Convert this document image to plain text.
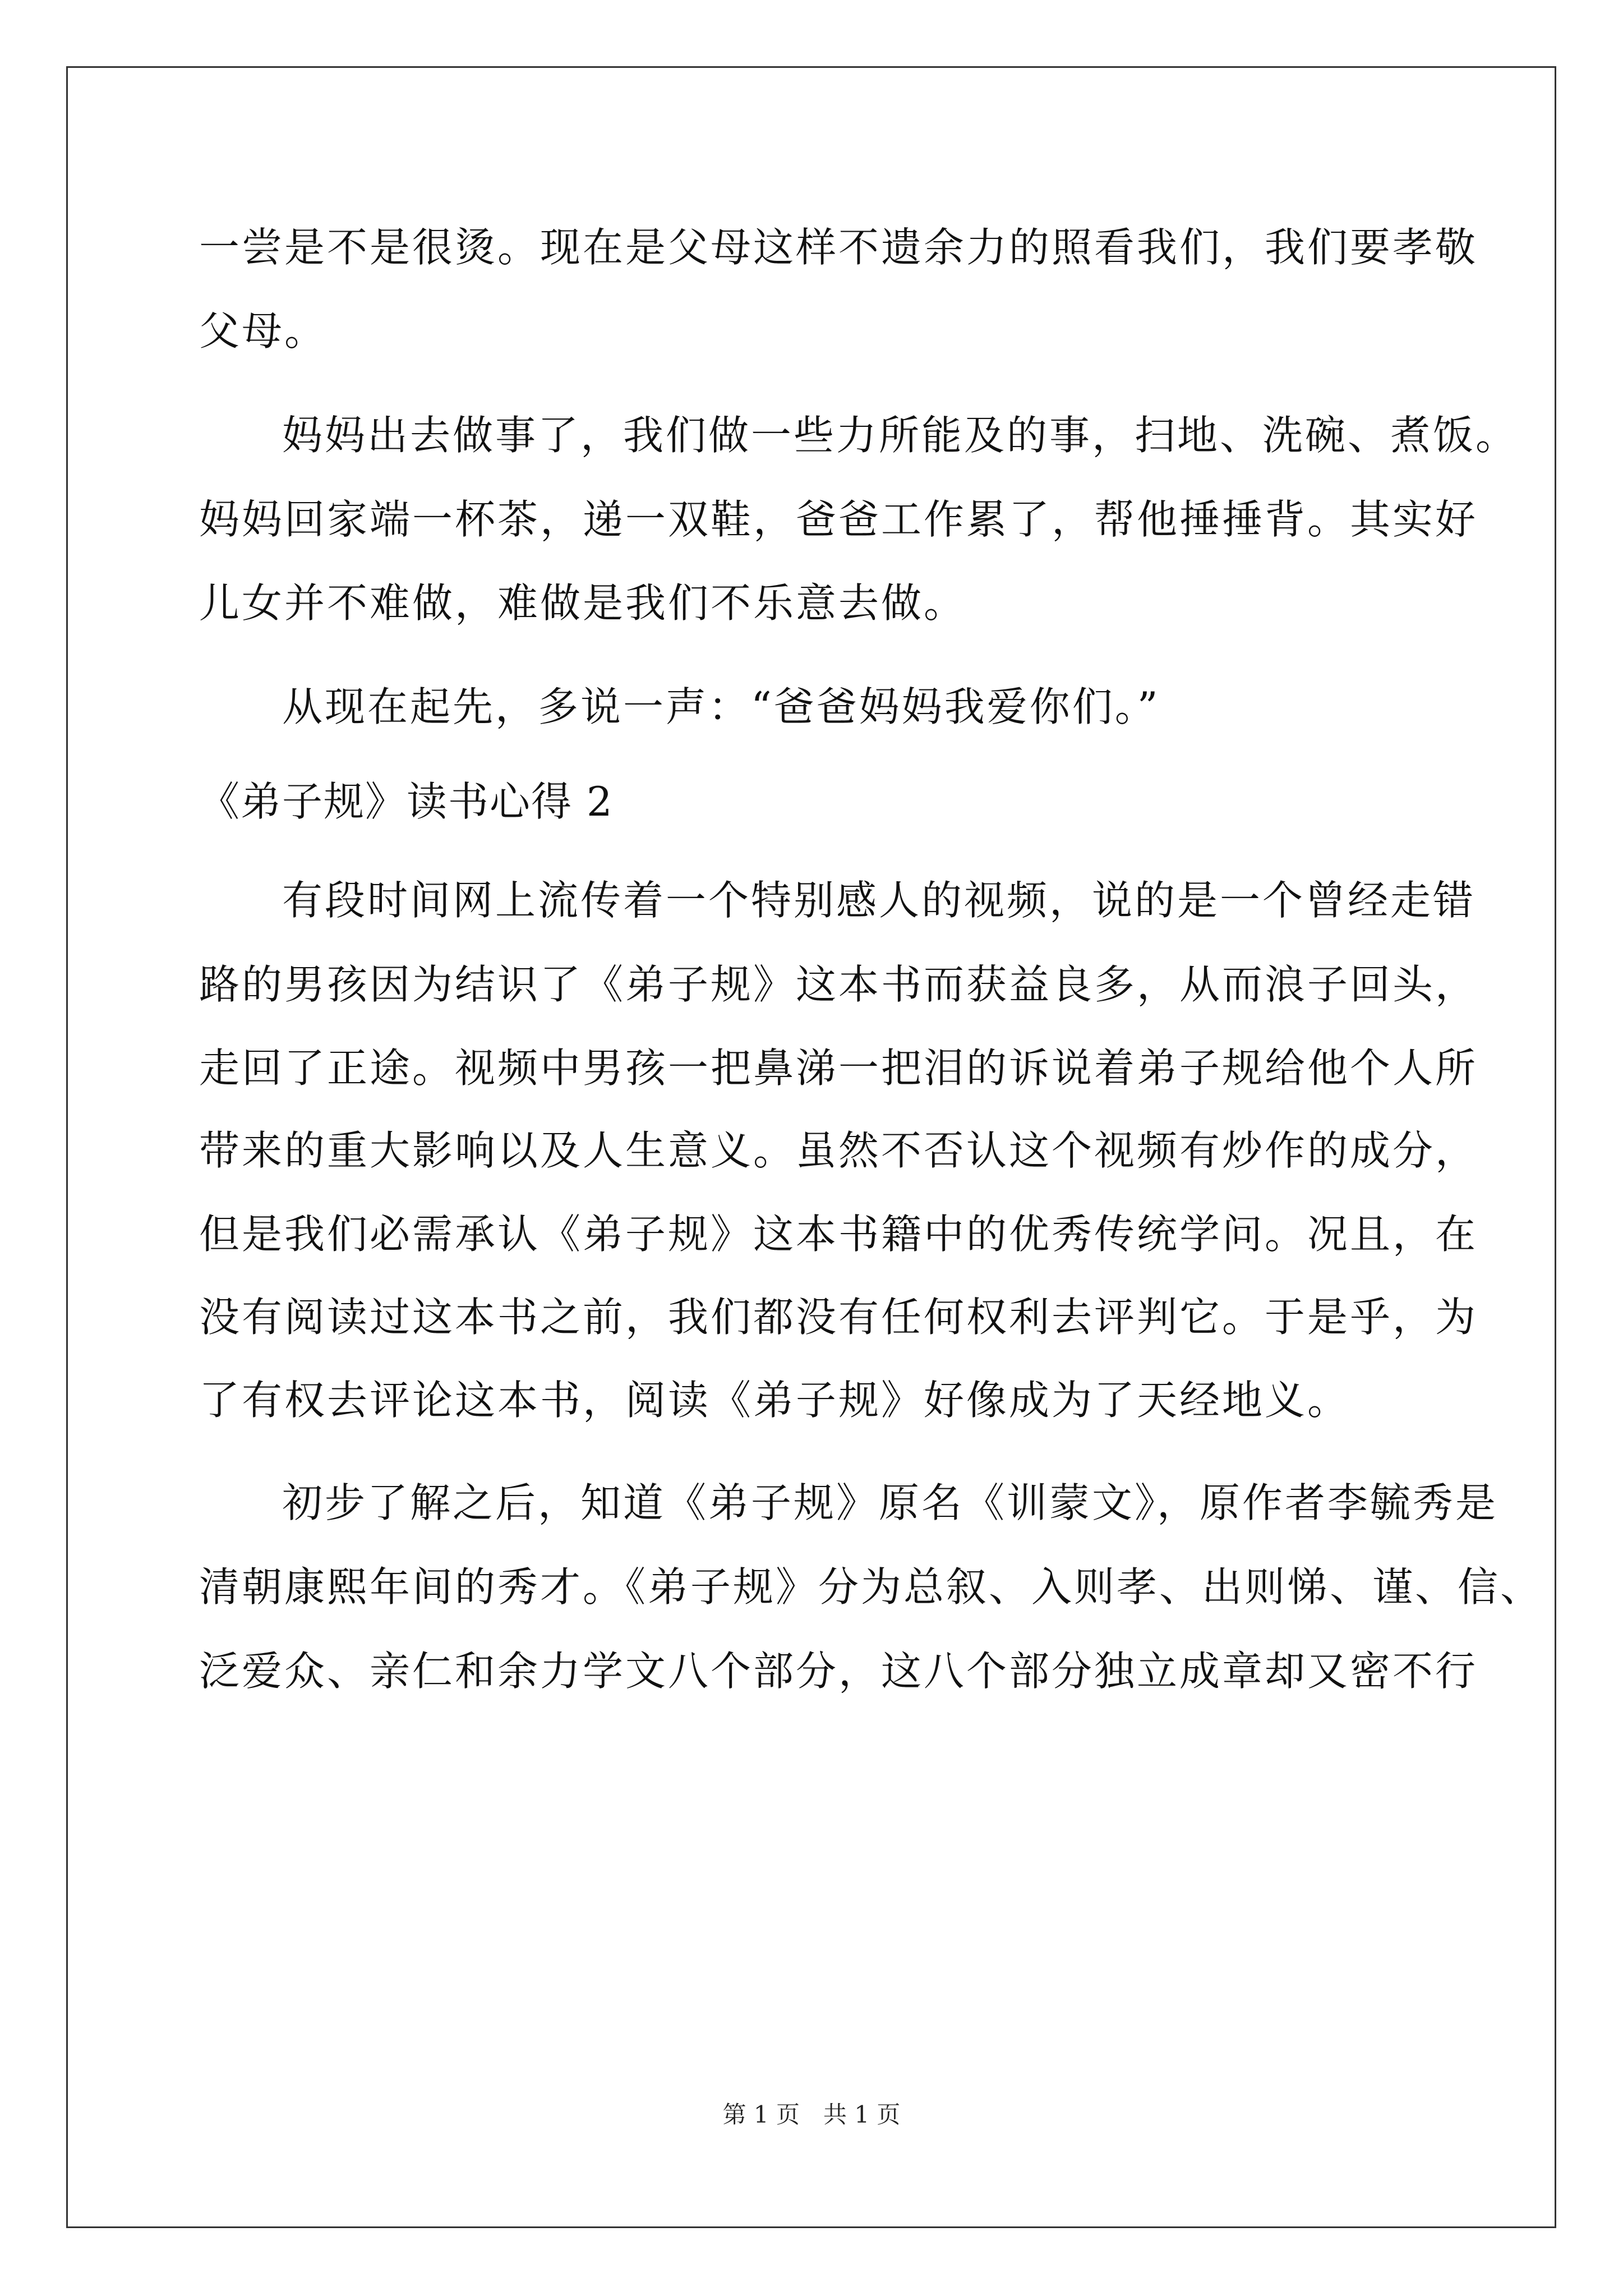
一尝是不是很烫。现在是父母这样不遗余力的照看我们，我们要孝敬
父母。
妈妈出去做事了，我们做一些力所能及的事，扫地、洗碗、煮饭。
妈妈回家端一杯茶，递一双鞋，爸爸工作累了，帮他捶捶背。其实好
儿女并不难做，难做是我们不乐意去做。
从现在起先，多说一声：“爸爸妈妈我爱你们。”
《弟子规》读书心得 2
有段时间网上流传着一个特别感人的视频，说的是一个曾经走错
路的男孩因为结识了《弟子规》这本书而获益良多，从而浪子回头，
走回了正途。视频中男孩一把鼻涕一把泪的诉说着弟子规给他个人所
带来的重大影响以及人生意义。虽然不否认这个视频有炒作的成分，
但是我们必需承认《弟子规》这本书籍中的优秀传统学问。况且，在
没有阅读过这本书之前，我们都没有任何权利去评判它。于是乎，为
了有权去评论这本书，阅读《弟子规》好像成为了天经地义。
初步了解之后，知道《弟子规》原名《训蒙文》，原作者李毓秀是
清朝康熙年间的秀才。《弟子规》分为总叙、入则孝、出则悌、谨、信、
泛爱众、亲仁和余力学文八个部分，这八个部分独立成章却又密不行
第 1 页　共 1 页
